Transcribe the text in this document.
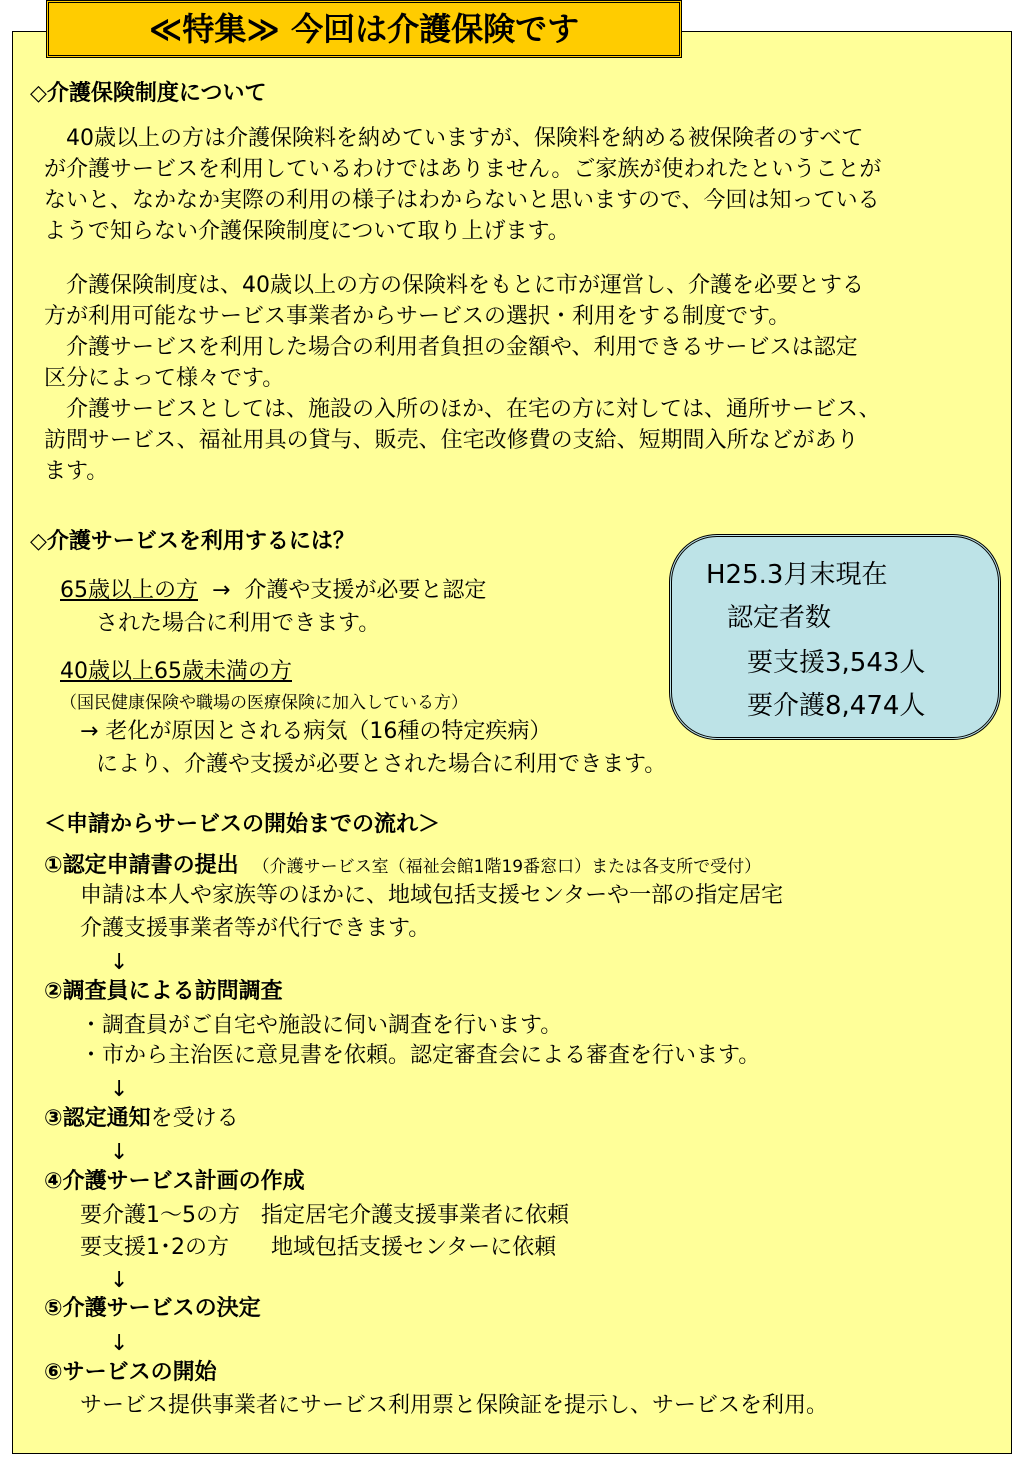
≪特集≫ 今回は介護保険です
◇介護保険制度について
　40歳以上の方は介護保険料を納めていますが、保険料を納める被保険者のすべて
が介護サービスを利用しているわけではありません。ご家族が使われたということが
ないと、なかなか実際の利用の様子はわからないと思いますので、今回は知っている
ようで知らない介護保険制度について取り上げます。
　介護保険制度は、40歳以上の方の保険料をもとに市が運営し、介護を必要とする
方が利用可能なサービス事業者からサービスの選択・利用をする制度です。
　介護サービスを利用した場合の利用者負担の金額や、利用できるサービスは認定
区分によって様々です。
　介護サービスとしては、施設の入所のほか、在宅の方に対しては、通所サービス、
訪問サービス、福祉用具の貸与、販売、住宅改修費の支給、短期間入所などがあり
ます。
◇介護サービスを利用するには？
65歳以上の方  →  介護や支援が必要と認定
された場合に利用できます。
40歳以上65歳未満の方
（国民健康保険や職場の医療保険に加入している方）
→ 老化が原因とされる病気（16種の特定疾病）
により、介護や支援が必要とされた場合に利用できます。
H25.3月末現在
認定者数
要支援3,543人
要介護8,474人
＜申請からサービスの開始までの流れ＞
①認定申請書の提出 （介護サービス室（福祉会館1階19番窓口）または各支所で受付）
申請は本人や家族等のほかに、地域包括支援センターや一部の指定居宅
介護支援事業者等が代行できます。
↓
②調査員による訪問調査
・調査員がご自宅や施設に伺い調査を行います。
・市から主治医に意見書を依頼。認定審査会による審査を行います。
↓
③認定通知を受ける
↓
④介護サービス計画の作成
要介護1～5の方   指定居宅介護支援事業者に依頼
要支援1･2の方      地域包括支援センターに依頼
↓
⑤介護サービスの決定
↓
⑥サービスの開始
サービス提供事業者にサービス利用票と保険証を提示し、サービスを利用。
